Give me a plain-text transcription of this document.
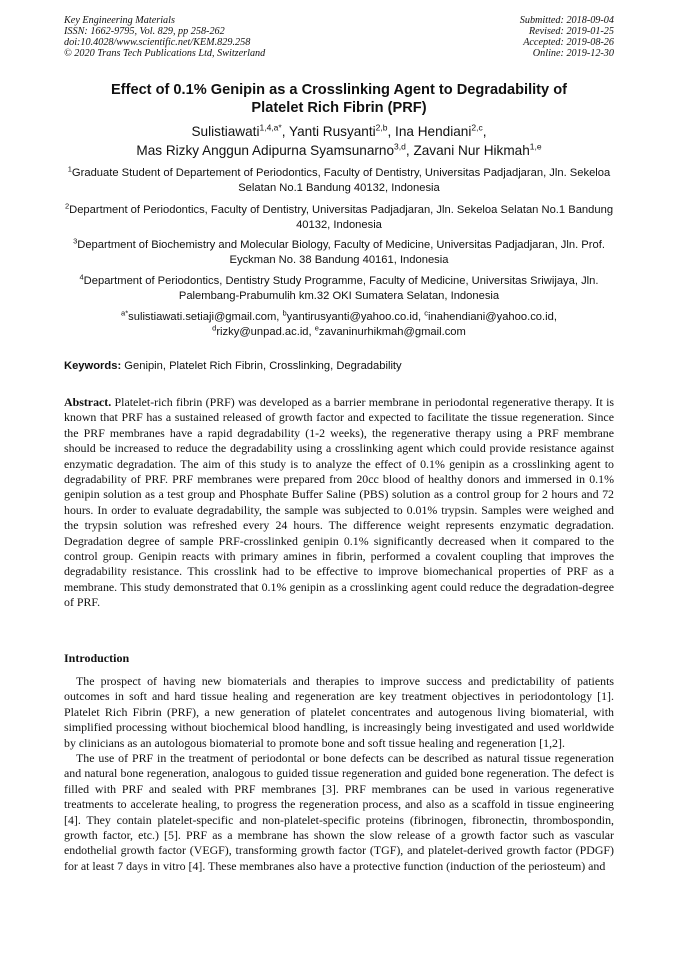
Key Engineering Materials
ISSN: 1662-9795, Vol. 829, pp 258-262
doi:10.4028/www.scientific.net/KEM.829.258
© 2020 Trans Tech Publications Ltd, Switzerland
Submitted: 2018-09-04
Revised: 2019-01-25
Accepted: 2019-08-26
Online: 2019-12-30
Effect of 0.1% Genipin as a Crosslinking Agent to Degradability of
Platelet Rich Fibrin (PRF)
Sulistiawati$^{1,4,a*}$, Yanti Rusyanti$^{2,b}$, Ina Hendiani$^{2,c}$,
Mas Rizky Anggun Adipurna Syamsunarno$^{3,d}$, Zavani Nur Hikmah$^{1,e}$
$^1$Graduate Student of Departement of Periodontics, Faculty of Dentistry, Universitas Padjadjaran, Jln. Sekeloa Selatan No.1 Bandung 40132, Indonesia
$^2$Department of Periodontics, Faculty of Dentistry, Universitas Padjadjaran, Jln. Sekeloa Selatan No.1 Bandung 40132, Indonesia
$^3$Department of Biochemistry and Molecular Biology, Faculty of Medicine, Universitas Padjadjaran, Jln. Prof. Eyckman No. 38 Bandung 40161, Indonesia
$^4$Department of Periodontics, Dentistry Study Programme, Faculty of Medicine, Universitas Sriwijaya, Jln. Palembang-Prabumulih km.32 OKI Sumatera Selatan, Indonesia
$^{a*}$sulistiawati.setiaji@gmail.com, $^b$yantirusyanti@yahoo.co.id, $^c$inahendiani@yahoo.co.id,
$^d$rizky@unpad.ac.id, $^e$zavaninurhikmah@gmail.com
Keywords: Genipin, Platelet Rich Fibrin, Crosslinking, Degradability
Abstract. Platelet-rich fibrin (PRF) was developed as a barrier membrane in periodontal regenerative therapy. It is known that PRF has a sustained released of growth factor and expected to facilitate the tissue regeneration. Since the PRF membranes have a rapid degradability (1-2 weeks), the regenerative therapy using a PRF membrane should be increased to reduce the degradability using a crosslinking agent which could provide resistance against enzymatic degradation. The aim of this study is to analyze the effect of 0.1% genipin as a crosslinking agent to degradability of PRF. PRF membranes were prepared from 20cc blood of healthy donors and immersed in 0.1% genipin solution as a test group and Phosphate Buffer Saline (PBS) solution as a control group for 2 hours and 72 hours. In order to evaluate degradability, the sample was subjected to 0.01% trypsin. Samples were weighed and the trypsin solution was refreshed every 24 hours. The difference weight represents enzymatic degradation. Degradation degree of sample PRF-crosslinked genipin 0.1% significantly decreased when it compared to the control group. Genipin reacts with primary amines in fibrin, performed a covalent coupling that improves the degradability resistance. This crosslink had to be effective to improve biomechanical properties of PRF as a membrane. This study demonstrated that 0.1% genipin as a crosslinking agent could reduce the degradation-degree of PRF.
Introduction

The prospect of having new biomaterials and therapies to improve success and predictability of patients outcomes in soft and hard tissue healing and regeneration are key treatment objectives in periodontology [1]. Platelet Rich Fibrin (PRF), a new generation of platelet concentrates and autogenous living biomaterial, with simplified processing without biochemical blood handling, is increasingly being investigated and used worldwide by clinicians as an autologous biomaterial to promote bone and soft tissue healing and regeneration [1,2].

The use of PRF in the treatment of periodontal or bone defects can be described as natural tissue regeneration and natural bone regeneration, analogous to guided tissue regeneration and guided bone regeneration. The defect is filled with PRF and sealed with PRF membranes [3]. PRF membranes can be used in various regenerative treatments to accelerate healing, to progress the regeneration process, and also as a scaffold in tissue engineering [4]. They contain platelet-specific and non-platelet-specific proteins (fibrinogen, fibronectin, thrombospondin, growth factor, etc.) [5]. PRF as a membrane has shown the slow release of a growth factor such as vascular endothelial growth factor (VEGF), transforming growth factor (TGF), and platelet-derived growth factor (PDGF) for at least 7 days in vitro [4]. These membranes also have a protective function (induction of the periosteum) and
